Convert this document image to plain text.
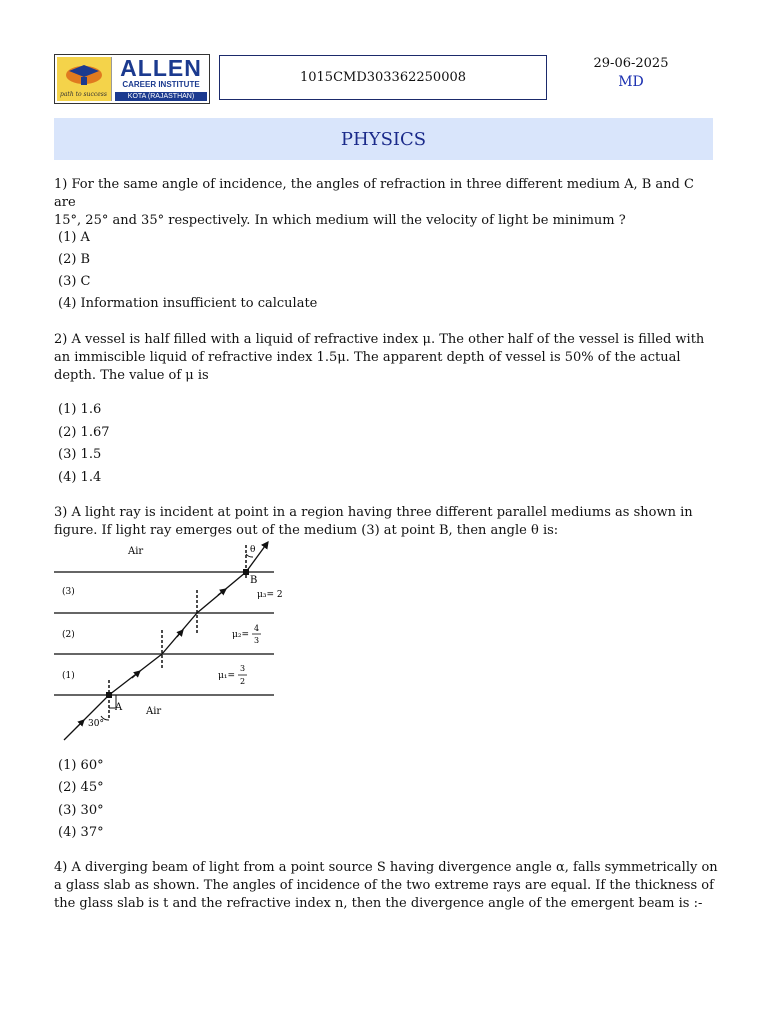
path to success
ALLEN
CAREER INSTITUTE
KOTA (RAJASTHAN)
1015CMD303362250008
29-06-2025
MD
PHYSICS
1) For the same angle of incidence, the angles of refraction in three different medium A, B and C are
15°, 25° and 35° respectively. In which medium will the velocity of light be minimum ?
(1) A
(2) B
(3) C
(4) Information insufficient to calculate
2) A vessel is half filled with a liquid of refractive index μ. The other half of the vessel is filled with
an immiscible liquid of refractive index 1.5μ. The apparent depth of vessel is 50% of the actual
depth. The value of μ is
(1) 1.6
(2) 1.67
(3) 1.5
(4) 1.4
3) A light ray is incident at point in a region having three different parallel mediums as shown in
figure. If light ray emerges out of the medium (3) at point B, then angle θ is:
Air
Air
(3)
(2)
(1)
A
B
θ
30°
μ₃= 2
μ₂=
4
3
μ₁=
3
2
(1) 60°
(2) 45°
(3) 30°
(4) 37°
4) A diverging beam of light from a point source S having divergence angle α, falls symmetrically on
a glass slab as shown. The angles of incidence of the two extreme rays are equal. If the thickness of
the glass slab is t and the refractive index n, then the divergence angle of the emergent beam is :-
